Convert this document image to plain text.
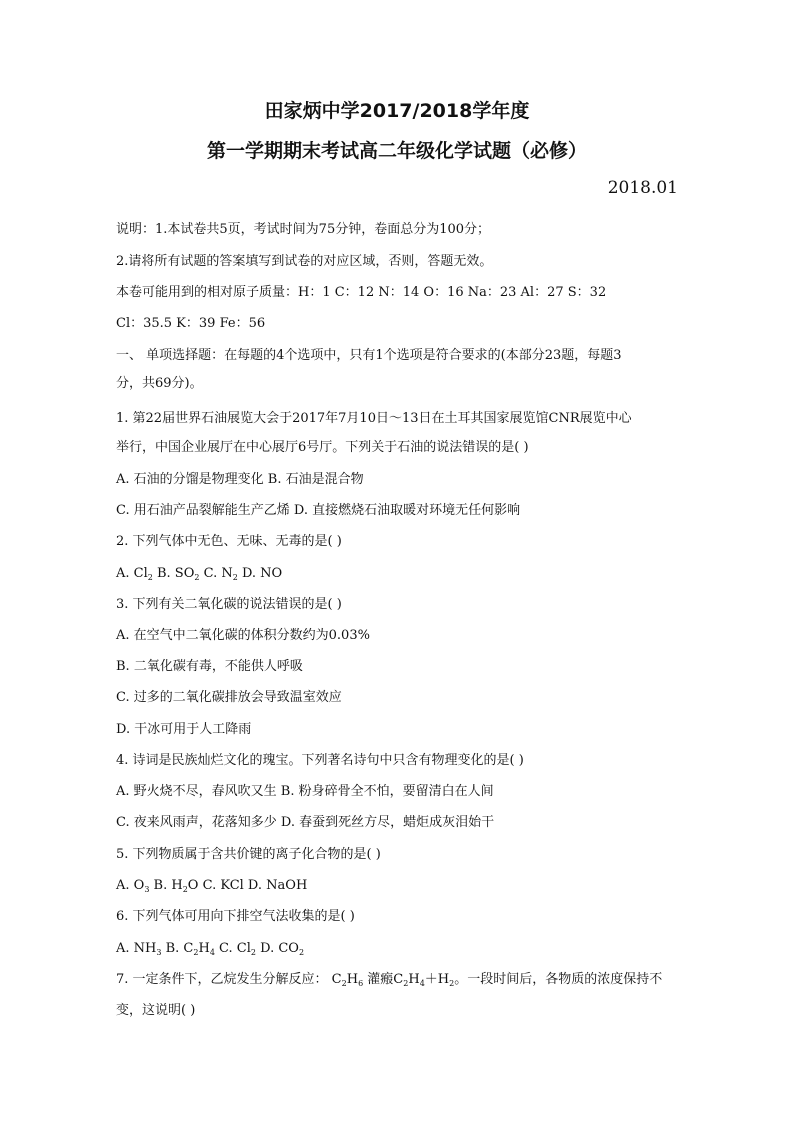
田家炳中学2017/2018学年度
第一学期期末考试高二年级化学试题（必修）
2018.01
说明：1.本试卷共5页，考试时间为75分钟，卷面总分为100分；
2.请将所有试题的答案填写到试卷的对应区域，否则，答题无效。
本卷可能用到的相对原子质量：H：1 C：12 N：14 O：16 Na：23 Al：27 S：32
Cl：35.5 K：39 Fe：56
一、 单项选择题：在每题的4个选项中，只有1个选项是符合要求的(本部分23题，每题3
分，共69分)。
1. 第22届世界石油展览大会于2017年7月10日～13日在土耳其国家展览馆CNR展览中心
举行，中国企业展厅在中心展厅6号厅。下列关于石油的说法错误的是( )
A. 石油的分馏是物理变化 B. 石油是混合物
C. 用石油产品裂解能生产乙烯 D. 直接燃烧石油取暖对环境无任何影响
2. 下列气体中无色、无味、无毒的是( )
A. $Cl_2$ B. $SO_2$ C. $N_2$ D. NO
3. 下列有关二氧化碳的说法错误的是( )
A. 在空气中二氧化碳的体积分数约为0.03%
B. 二氧化碳有毒，不能供人呼吸
C. 过多的二氧化碳排放会导致温室效应
D. 干冰可用于人工降雨
4. 诗词是民族灿烂文化的瑰宝。下列著名诗句中只含有物理变化的是( )
A. 野火烧不尽，春风吹又生 B. 粉身碎骨全不怕，要留清白在人间
C. 夜来风雨声，花落知多少 D. 春蚕到死丝方尽，蜡炬成灰泪始干
5. 下列物质属于含共价键的离子化合物的是( )
A. $O_3$ B. $H_2O$ C. KCl D. NaOH
6. 下列气体可用向下排空气法收集的是( )
A. $NH_3$ B. $C_2H_4$ C. $Cl_2$ D. $CO_2$
7. 一定条件下，乙烷发生分解反应： $C_2H_6$ 灌瘢$C_2H_4+H_2$。一段时间后，各物质的浓度保持不
变，这说明( )
